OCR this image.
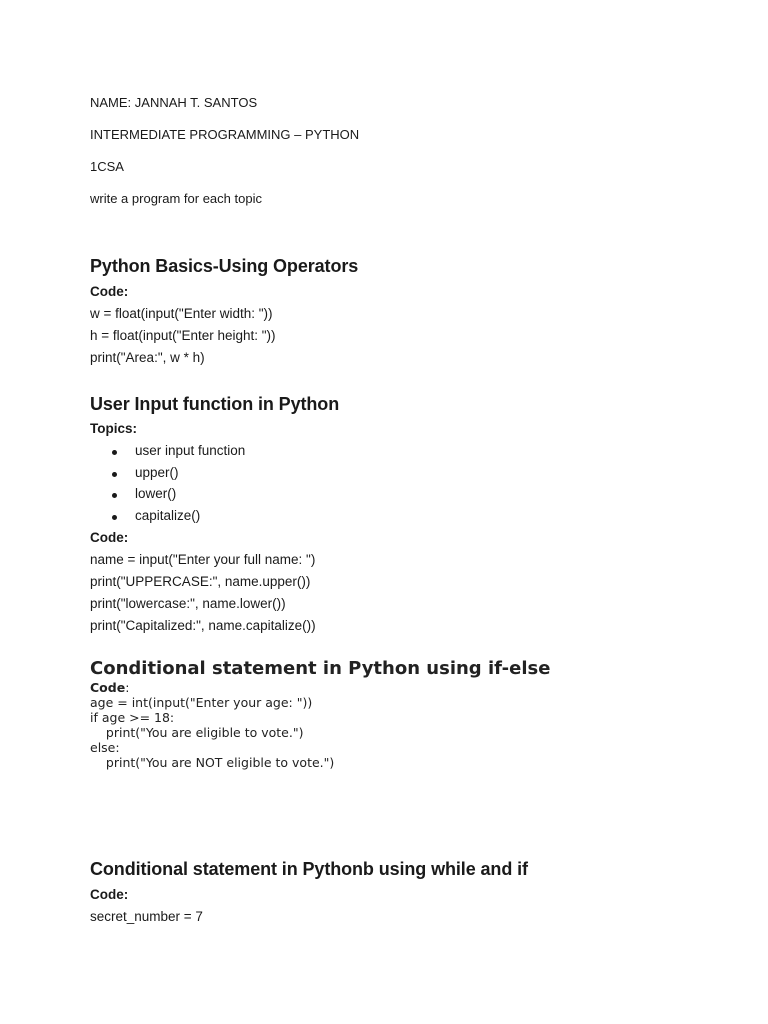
NAME: JANNAH T. SANTOS
INTERMEDIATE PROGRAMMING – PYTHON
1CSA
write a program for each topic
Python Basics-Using Operators
Code:
w = float(input("Enter width: "))
h = float(input("Enter height: "))
print("Area:", w * h)
User Input function in Python
Topics:
user input function
upper()
lower()
capitalize()
Code:
name = input("Enter your full name: ")
print("UPPERCASE:", name.upper())
print("lowercase:", name.lower())
print("Capitalized:", name.capitalize())
Conditional statement in Python using if-else
Code:
age = int(input("Enter your age: "))
if age >= 18:
print("You are eligible to vote.")
else:
print("You are NOT eligible to vote.")
Conditional statement in Pythonb using while and if
Code:
secret_number = 7
